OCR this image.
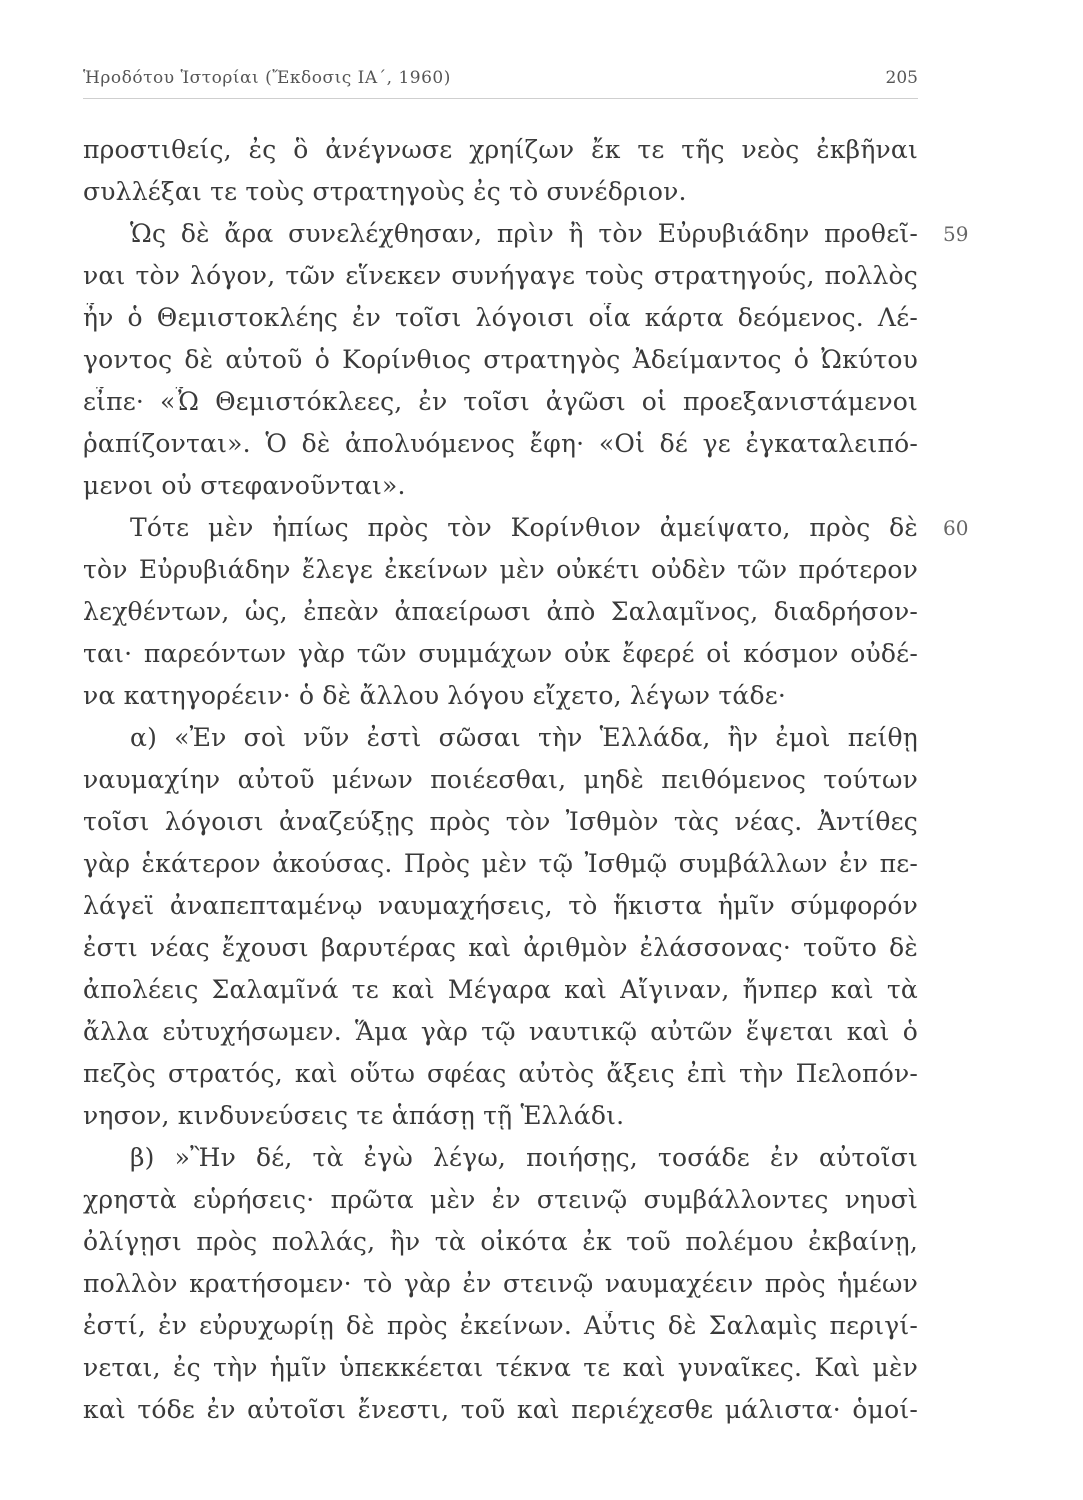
Ἡροδότου Ἱστορίαι (Ἔκδοσις ΙΑ΄, 1960)	205
προστιθείς, ἐς ὃ ἀνέγνωσε χρηίζων ἔκ τε τῆς νεὸς ἐκβῆναι
συλλέξαι τε τοὺς στρατηγοὺς ἐς τὸ συνέδριον.
Ὡς δὲ ἄρα συνελέχθησαν, πρὶν ἢ τὸν Εὐρυβιάδην προθεῖ-
ναι τὸν λόγον, τῶν εἵνεκεν συνήγαγε τοὺς στρατηγούς, πολλὸς
ἦν ὁ Θεμιστοκλέης ἐν τοῖσι λόγοισι οἷα κάρτα δεόμενος. Λέ-
γοντος δὲ αὐτοῦ ὁ Κορίνθιος στρατηγὸς Ἀδείμαντος ὁ Ὠκύτου
εἶπε· «Ὦ Θεμιστόκλεες, ἐν τοῖσι ἀγῶσι οἱ προεξανιστάμενοι
ῥαπίζονται». Ὁ δὲ ἀπολυόμενος ἔφη· «Οἱ δέ γε ἐγκαταλειπό-
μενοι οὐ στεφανοῦνται».
Τότε μὲν ἠπίως πρὸς τὸν Κορίνθιον ἀμείψατο, πρὸς δὲ
τὸν Εὐρυβιάδην ἔλεγε ἐκείνων μὲν οὐκέτι οὐδὲν τῶν πρότερον
λεχθέντων, ὡς, ἐπεὰν ἀπαείρωσι ἀπὸ Σαλαμῖνος, διαδρήσον-
ται· παρεόντων γὰρ τῶν συμμάχων οὐκ ἔφερέ οἱ κόσμον οὐδέ-
να κατηγορέειν· ὁ δὲ ἄλλου λόγου εἴχετο, λέγων τάδε·
α) «Ἐν σοὶ νῦν ἐστὶ σῶσαι τὴν Ἑλλάδα, ἢν ἐμοὶ πείθῃ
ναυμαχίην αὐτοῦ μένων ποιέεσθαι, μηδὲ πειθόμενος τούτων
τοῖσι λόγοισι ἀναζεύξῃς πρὸς τὸν Ἰσθμὸν τὰς νέας. Ἀντίθες
γὰρ ἑκάτερον ἀκούσας. Πρὸς μὲν τῷ Ἰσθμῷ συμβάλλων ἐν πε-
λάγεϊ ἀναπεπταμένῳ ναυμαχήσεις, τὸ ἥκιστα ἡμῖν σύμφορόν
ἐστι νέας ἔχουσι βαρυτέρας καὶ ἀριθμὸν ἐλάσσονας· τοῦτο δὲ
ἀπολέεις Σαλαμῖνά τε καὶ Μέγαρα καὶ Αἴγιναν, ἤνπερ καὶ τὰ
ἄλλα εὐτυχήσωμεν. Ἅμα γὰρ τῷ ναυτικῷ αὐτῶν ἕψεται καὶ ὁ
πεζὸς στρατός, καὶ οὕτω σφέας αὐτὸς ἄξεις ἐπὶ τὴν Πελοπόν-
νησον, κινδυνεύσεις τε ἁπάσῃ τῇ Ἑλλάδι.
β) »Ἢν δέ, τὰ ἐγὼ λέγω, ποιήσῃς, τοσάδε ἐν αὐτοῖσι
χρηστὰ εὑρήσεις· πρῶτα μὲν ἐν στεινῷ συμβάλλοντες νηυσὶ
ὀλίγῃσι πρὸς πολλάς, ἢν τὰ οἰκότα ἐκ τοῦ πολέμου ἐκβαίνῃ,
πολλὸν κρατήσομεν· τὸ γὰρ ἐν στεινῷ ναυμαχέειν πρὸς ἡμέων
ἐστί, ἐν εὐρυχωρίῃ δὲ πρὸς ἐκείνων. Αὖτις δὲ Σαλαμὶς περιγί-
νεται, ἐς τὴν ἡμῖν ὑπεκκέεται τέκνα τε καὶ γυναῖκες. Καὶ μὲν
καὶ τόδε ἐν αὐτοῖσι ἔνεστι, τοῦ καὶ περιέχεσθε μάλιστα· ὁμοί-
59
60
